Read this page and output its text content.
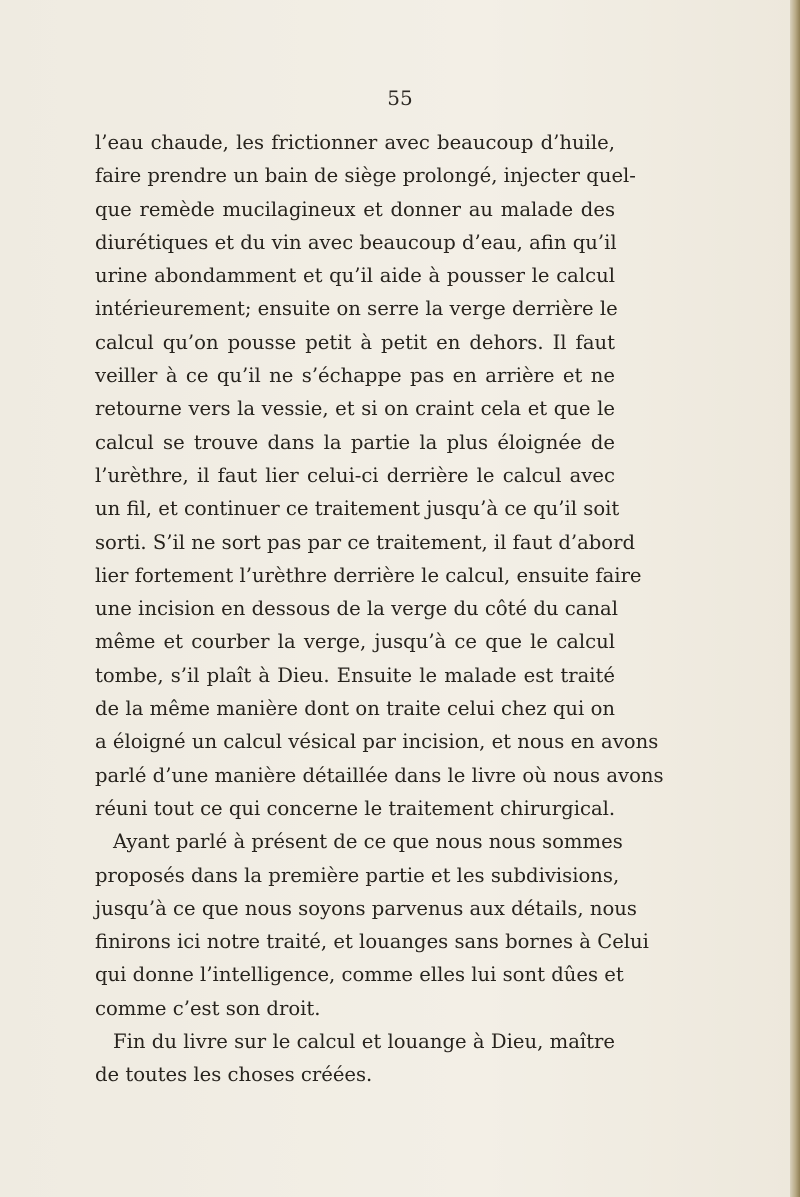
55
l’eau chaude, les frictionner avec beaucoup d’huile,
faire prendre un bain de siège prolongé, injecter quel-
que remède mucilagineux et donner au malade des
diurétiques et du vin avec beaucoup d’eau, afin qu’il
urine abondamment et qu’il aide à pousser le calcul
intérieurement; ensuite on serre la verge derrière le
calcul qu’on pousse petit à petit en dehors. Il faut
veiller à ce qu’il ne s’échappe pas en arrière et ne
retourne vers la vessie, et si on craint cela et que le
calcul se trouve dans la partie la plus éloignée de
l’urèthre, il faut lier celui-ci derrière le calcul avec
un fil, et continuer ce traitement jusqu’à ce qu’il soit
sorti. S’il ne sort pas par ce traitement, il faut d’abord
lier fortement l’urèthre derrière le calcul, ensuite faire
une incision en dessous de la verge du côté du canal
même et courber la verge, jusqu’à ce que le calcul
tombe, s’il plaît à Dieu. Ensuite le malade est traité
de la même manière dont on traite celui chez qui on
a éloigné un calcul vésical par incision, et nous en avons
parlé d’une manière détaillée dans le livre où nous avons
réuni tout ce qui concerne le traitement chirurgical.
Ayant parlé à présent de ce que nous nous sommes
proposés dans la première partie et les subdivisions,
jusqu’à ce que nous soyons parvenus aux détails, nous
finirons ici notre traité, et louanges sans bornes à Celui
qui donne l’intelligence, comme elles lui sont dûes et
comme c’est son droit.
Fin du livre sur le calcul et louange à Dieu, maître
de toutes les choses créées.
